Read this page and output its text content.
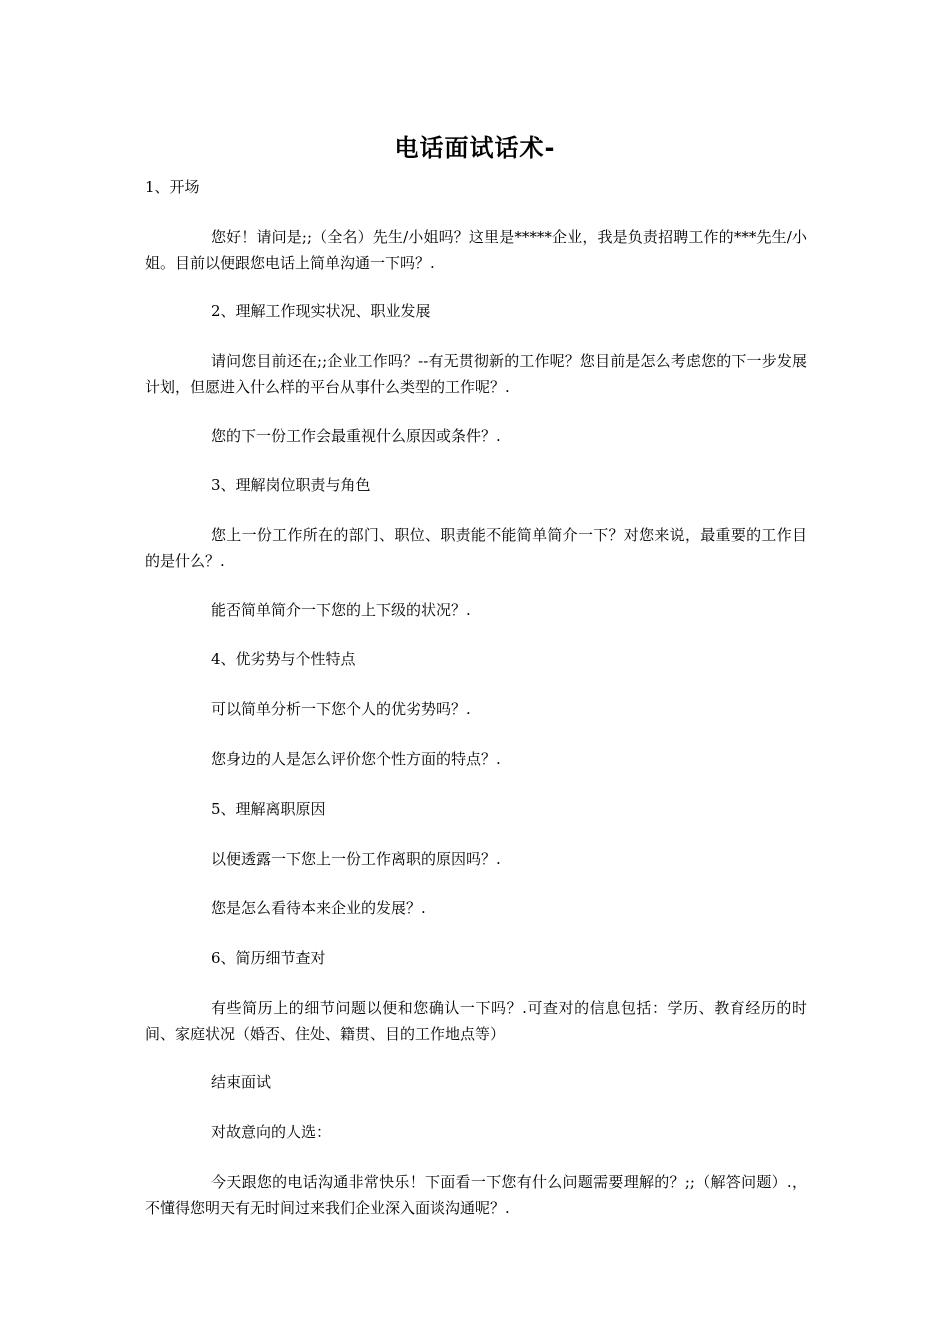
电话面试话术-
1、开场
您好！请问是;;（全名）先生/小姐吗？这里是*****企业，我是负责招聘工作的***先生/小姐。目前以便跟您电话上简单沟通一下吗？.
2、理解工作现实状况、职业发展
请问您目前还在;;企业工作吗？--有无贯彻新的工作呢？您目前是怎么考虑您的下一步发展计划，但愿进入什么样的平台从事什么类型的工作呢？.
您的下一份工作会最重视什么原因或条件？.
3、理解岗位职责与角色
您上一份工作所在的部门、职位、职责能不能简单简介一下？对您来说，最重要的工作目的是什么？.
能否简单简介一下您的上下级的状况？.
4、优劣势与个性特点
可以简单分析一下您个人的优劣势吗？.
您身边的人是怎么评价您个性方面的特点？.
5、理解离职原因
以便透露一下您上一份工作离职的原因吗？.
您是怎么看待本来企业的发展？.
6、简历细节查对
有些简历上的细节问题以便和您确认一下吗？.可查对的信息包括：学历、教育经历的时间、家庭状况（婚否、住处、籍贯、目的工作地点等）
结束面试
对故意向的人选：
今天跟您的电话沟通非常快乐！下面看一下您有什么问题需要理解的？;;（解答问题）.，不懂得您明天有无时间过来我们企业深入面谈沟通呢？.
